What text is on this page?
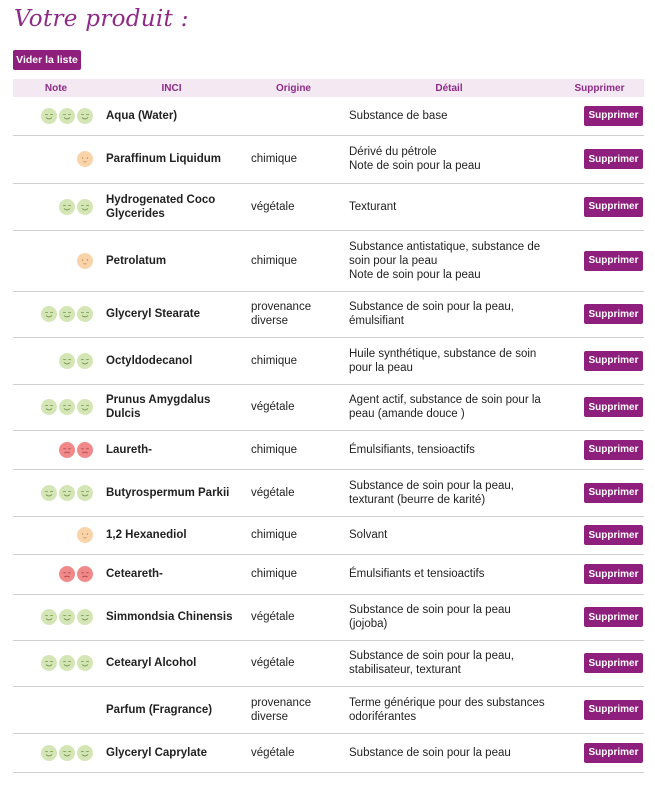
Votre produit :
Vider la liste
Note	INCI	Origine	Détail	Supprimer

	Aqua (Water)		Substance de base	Supprimer

	Paraffinum Liquidum	chimique	Dérivé du pétrole
Note de soin pour la peau	Supprimer

	Hydrogenated Coco Glycerides	végétale	Texturant	Supprimer

	Petrolatum	chimique	Substance antistatique, substance de soin pour la peau
Note de soin pour la peau	Supprimer

	Glyceryl Stearate	provenance diverse	Substance de soin pour la peau, émulsifiant	Supprimer

	Octyldodecanol	chimique	Huile synthétique, substance de soin pour la peau	Supprimer

	Prunus Amygdalus Dulcis	végétale	Agent actif, substance de soin pour la peau (amande douce )	Supprimer

	Laureth-	chimique	Émulsifiants, tensioactifs	Supprimer

	Butyrospermum Parkii	végétale	Substance de soin pour la peau, texturant (beurre de karité)	Supprimer

	1,2 Hexanediol	chimique	Solvant	Supprimer

	Ceteareth-	chimique	Émulsifiants et tensioactifs	Supprimer

	Simmondsia Chinensis	végétale	Substance de soin pour la peau (jojoba)	Supprimer

	Cetearyl Alcohol	végétale	Substance de soin pour la peau, stabilisateur, texturant	Supprimer
	Parfum (Fragrance)	provenance diverse	Terme générique pour des substances odoriférantes	Supprimer

	Glyceryl Caprylate	végétale	Substance de soin pour la peau	Supprimer
